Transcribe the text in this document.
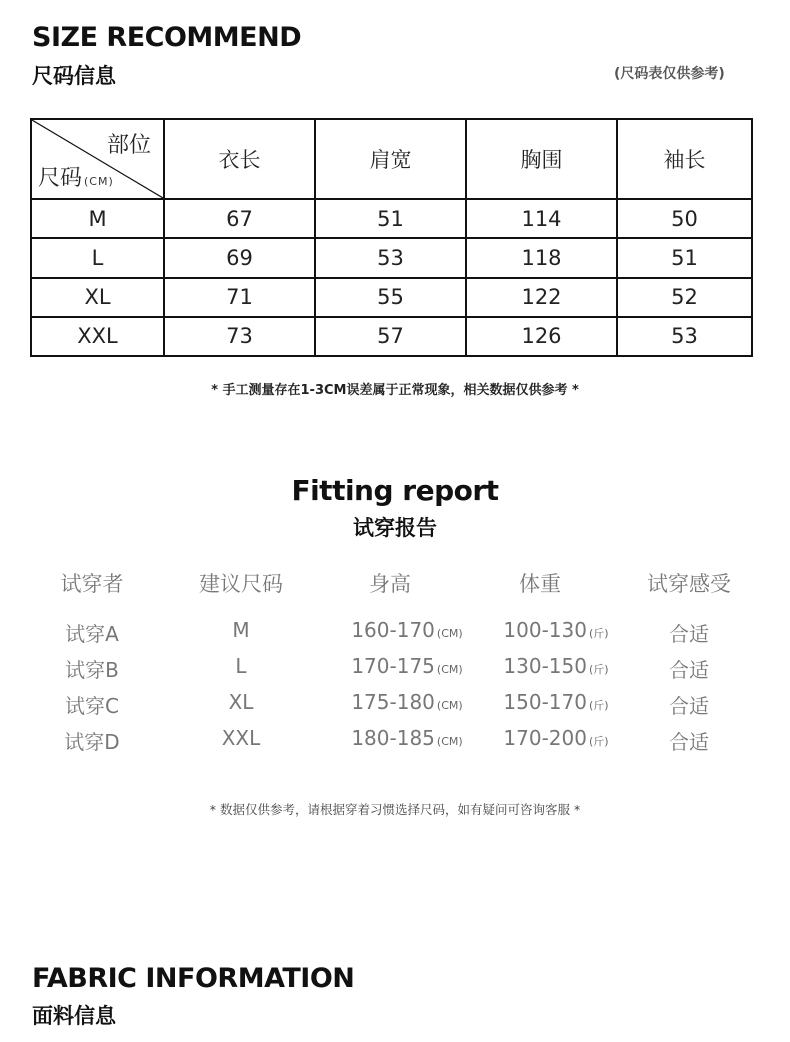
SIZE RECOMMEND
尺码信息	(尺码表仅供参考)
部位
尺码 (CM)	衣长	肩宽	胸围	袖长
M	67	51	114	50
L	69	53	118	51
XL	71	55	122	52
XXL	73	57	126	53
* 手工测量存在1-3CM误差属于正常现象，相关数据仅供参考 *
Fitting report
试穿报告
试穿者	建议尺码	身高	体重	试穿感受
试穿A	M	160-170 (CM)	100-130 (斤)	合适
试穿B	L	170-175 (CM)	130-150 (斤)	合适
试穿C	XL	175-180 (CM)	150-170 (斤)	合适
试穿D	XXL	180-185 (CM)	170-200 (斤)	合适
* 数据仅供参考，请根据穿着习惯选择尺码，如有疑问可咨询客服 *
FABRIC INFORMATION
面料信息
